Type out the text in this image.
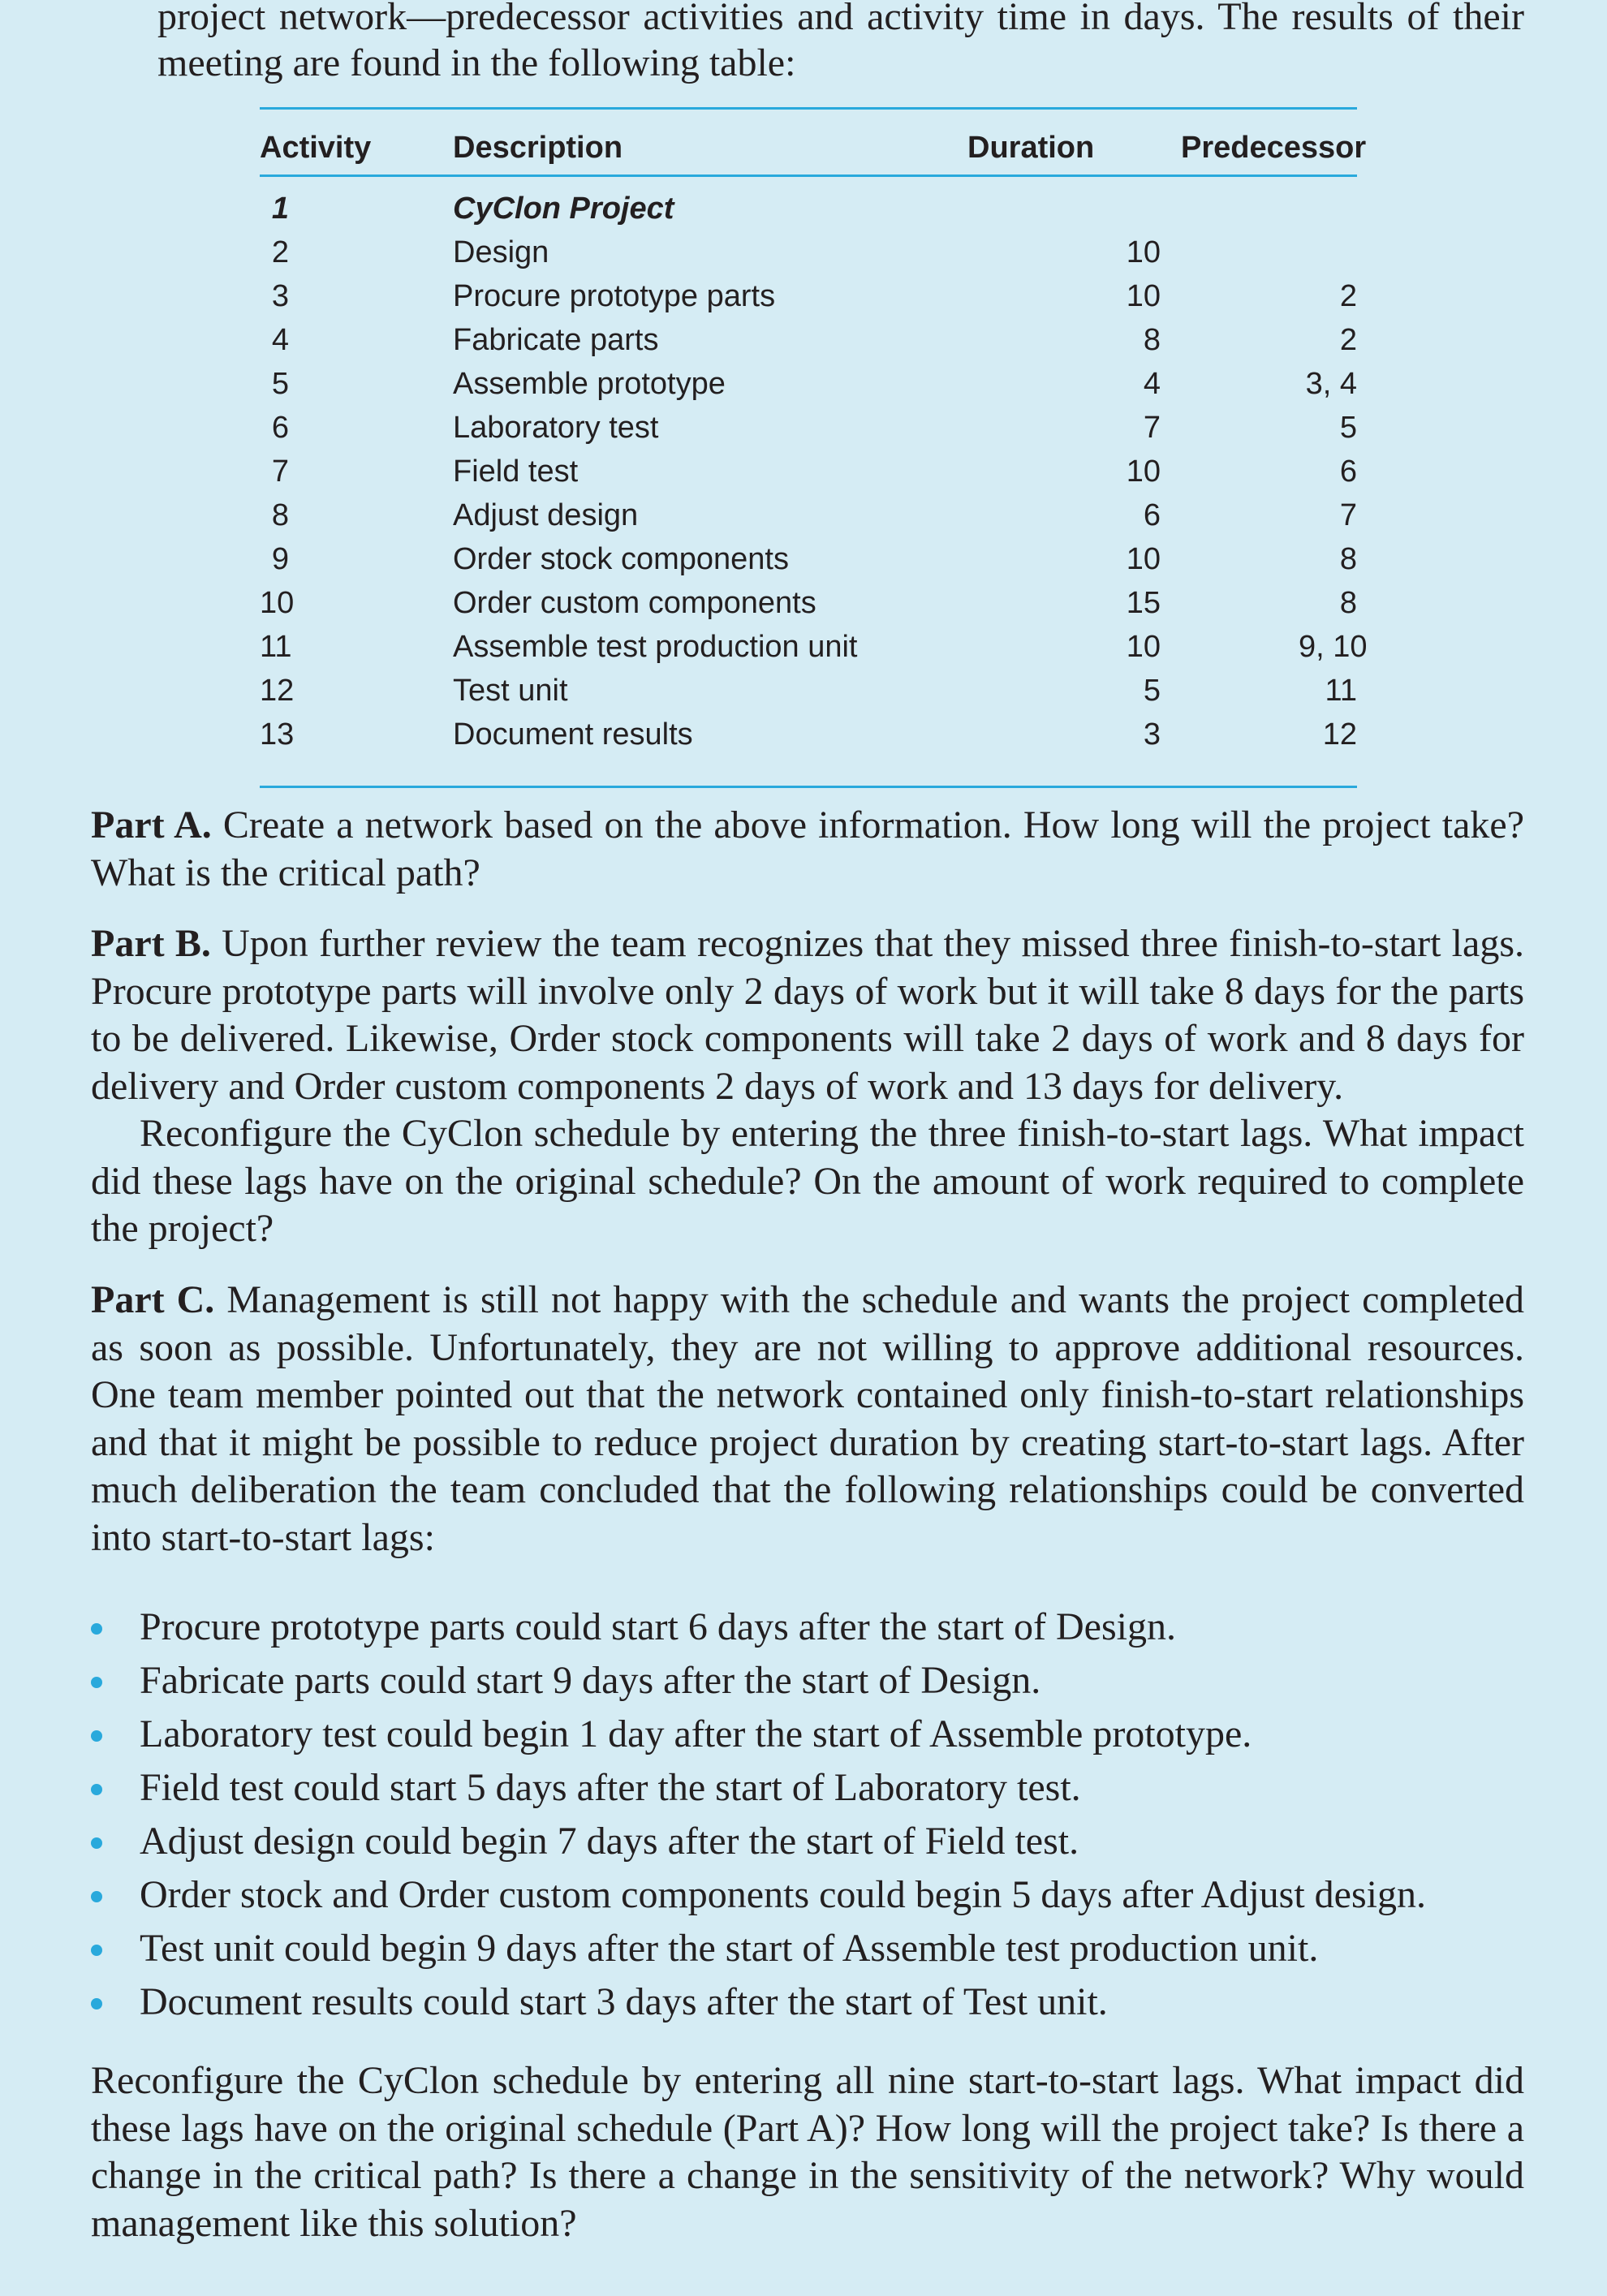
project network—predecessor activities and activity time in days. The results of their meeting are found in the following table:

Activity	Description	Duration	Predecessor
1	CyClon Project
2	Design	10
3	Procure prototype parts	10	2
4	Fabricate parts	8	2
5	Assemble prototype	4	3, 4
6	Laboratory test	7	5
7	Field test	10	6
8	Adjust design	6	7
9	Order stock components	10	8
10	Order custom components	15	8
11	Assemble test production unit	10	9, 10
12	Test unit	5	11
13	Document results	3	12

Part A. Create a network based on the above information. How long will the project take? What is the critical path?

Part B. Upon further review the team recognizes that they missed three finish-to-start lags. Procure prototype parts will involve only 2 days of work but it will take 8 days for the parts to be delivered. Likewise, Order stock components will take 2 days of work and 8 days for delivery and Order custom components 2 days of work and 13 days for delivery.
Reconfigure the CyClon schedule by entering the three finish-to-start lags. What impact did these lags have on the original schedule? On the amount of work required to complete the project?

Part C. Management is still not happy with the schedule and wants the project completed as soon as possible. Unfortunately, they are not willing to approve additional resources. One team member pointed out that the network contained only finish-to-start relationships and that it might be possible to reduce project duration by creating start-to-start lags. After much deliberation the team concluded that the following relationships could be converted into start-to-start lags:

Procure prototype parts could start 6 days after the start of Design.
Fabricate parts could start 9 days after the start of Design.
Laboratory test could begin 1 day after the start of Assemble prototype.
Field test could start 5 days after the start of Laboratory test.
Adjust design could begin 7 days after the start of Field test.
Order stock and Order custom components could begin 5 days after Adjust design.
Test unit could begin 9 days after the start of Assemble test production unit.
Document results could start 3 days after the start of Test unit.

Reconfigure the CyClon schedule by entering all nine start-to-start lags. What impact did these lags have on the original schedule (Part A)? How long will the project take? Is there a change in the critical path? Is there a change in the sensitivity of the network? Why would management like this solution?
